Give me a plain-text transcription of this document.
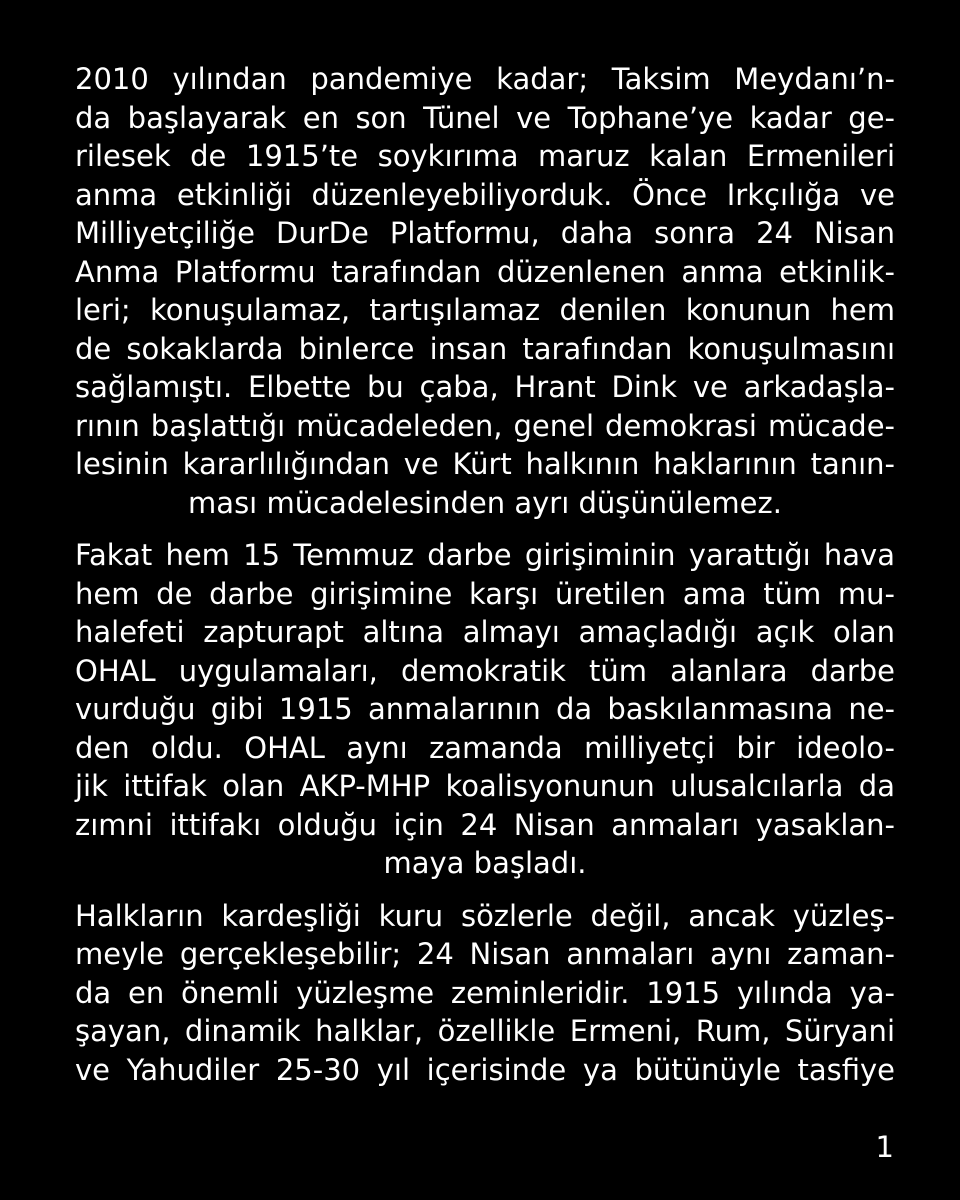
2010 yılından pandemiye kadar; Taksim Meydanı’n-
da başlayarak en son Tünel ve Tophane’ye kadar ge-
rilesek de 1915’te soykırıma maruz kalan Ermenileri
anma etkinliği düzenleyebiliyorduk. Önce Irkçılığa ve
Milliyetçiliğe DurDe Platformu, daha sonra 24 Nisan
Anma Platformu tarafından düzenlenen anma etkinlik-
leri; konuşulamaz, tartışılamaz denilen konunun hem
de sokaklarda binlerce insan tarafından konuşulmasını
sağlamıştı. Elbette bu çaba, Hrant Dink ve arkadaşla-
rının başlattığı mücadeleden, genel demokrasi mücade-
lesinin kararlılığından ve Kürt halkının haklarının tanın-
ması mücadelesinden ayrı düşünülemez.
Fakat hem 15 Temmuz darbe girişiminin yarattığı hava
hem de darbe girişimine karşı üretilen ama tüm mu-
halefeti zapturapt altına almayı amaçladığı açık olan
OHAL uygulamaları, demokratik tüm alanlara darbe
vurduğu gibi 1915 anmalarının da baskılanmasına ne-
den oldu. OHAL aynı zamanda milliyetçi bir ideolo-
jik ittifak olan AKP-MHP koalisyonunun ulusalcılarla da
zımni ittifakı olduğu için 24 Nisan anmaları yasaklan-
maya başladı.
Halkların kardeşliği kuru sözlerle değil, ancak yüzleş-
meyle gerçekleşebilir; 24 Nisan anmaları aynı zaman-
da en önemli yüzleşme zeminleridir. 1915 yılında ya-
şayan, dinamik halklar, özellikle Ermeni, Rum, Süryani
ve Yahudiler 25-30 yıl içerisinde ya bütünüyle tasfiye
1
